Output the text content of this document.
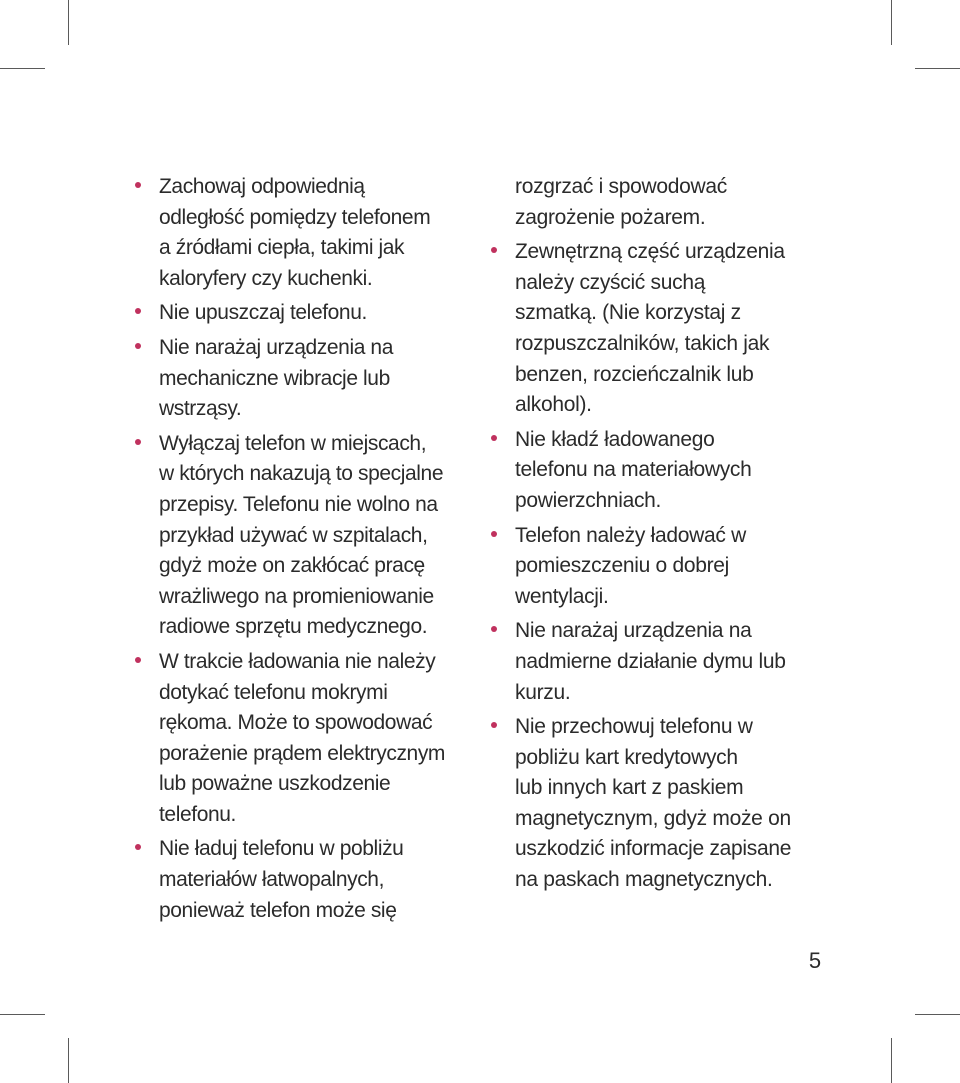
Zachowaj odpowiednią
odległość pomiędzy telefonem
a źródłami ciepła, takimi jak
kaloryfery czy kuchenki.
Nie upuszczaj telefonu.
Nie narażaj urządzenia na
mechaniczne wibracje lub
wstrząsy.
Wyłączaj telefon w miejscach,
w których nakazują to specjalne
przepisy. Telefonu nie wolno na
przykład używać w szpitalach,
gdyż może on zakłócać pracę
wrażliwego na promieniowanie
radiowe sprzętu medycznego.
W trakcie ładowania nie należy
dotykać telefonu mokrymi
rękoma. Może to spowodować
porażenie prądem elektrycznym
lub poważne uszkodzenie
telefonu.
Nie ładuj telefonu w pobliżu
materiałów łatwopalnych,
ponieważ telefon może się
rozgrzać i spowodować
zagrożenie pożarem.
Zewnętrzną część urządzenia
należy czyścić suchą
szmatką. (Nie korzystaj z
rozpuszczalników, takich jak
benzen, rozcieńczalnik lub
alkohol).
Nie kładź ładowanego
telefonu na materiałowych
powierzchniach.
Telefon należy ładować w
pomieszczeniu o dobrej
wentylacji.
Nie narażaj urządzenia na
nadmierne działanie dymu lub
kurzu.
Nie przechowuj telefonu w
pobliżu kart kredytowych
lub innych kart z paskiem
magnetycznym, gdyż może on
uszkodzić informacje zapisane
na paskach magnetycznych.
5
